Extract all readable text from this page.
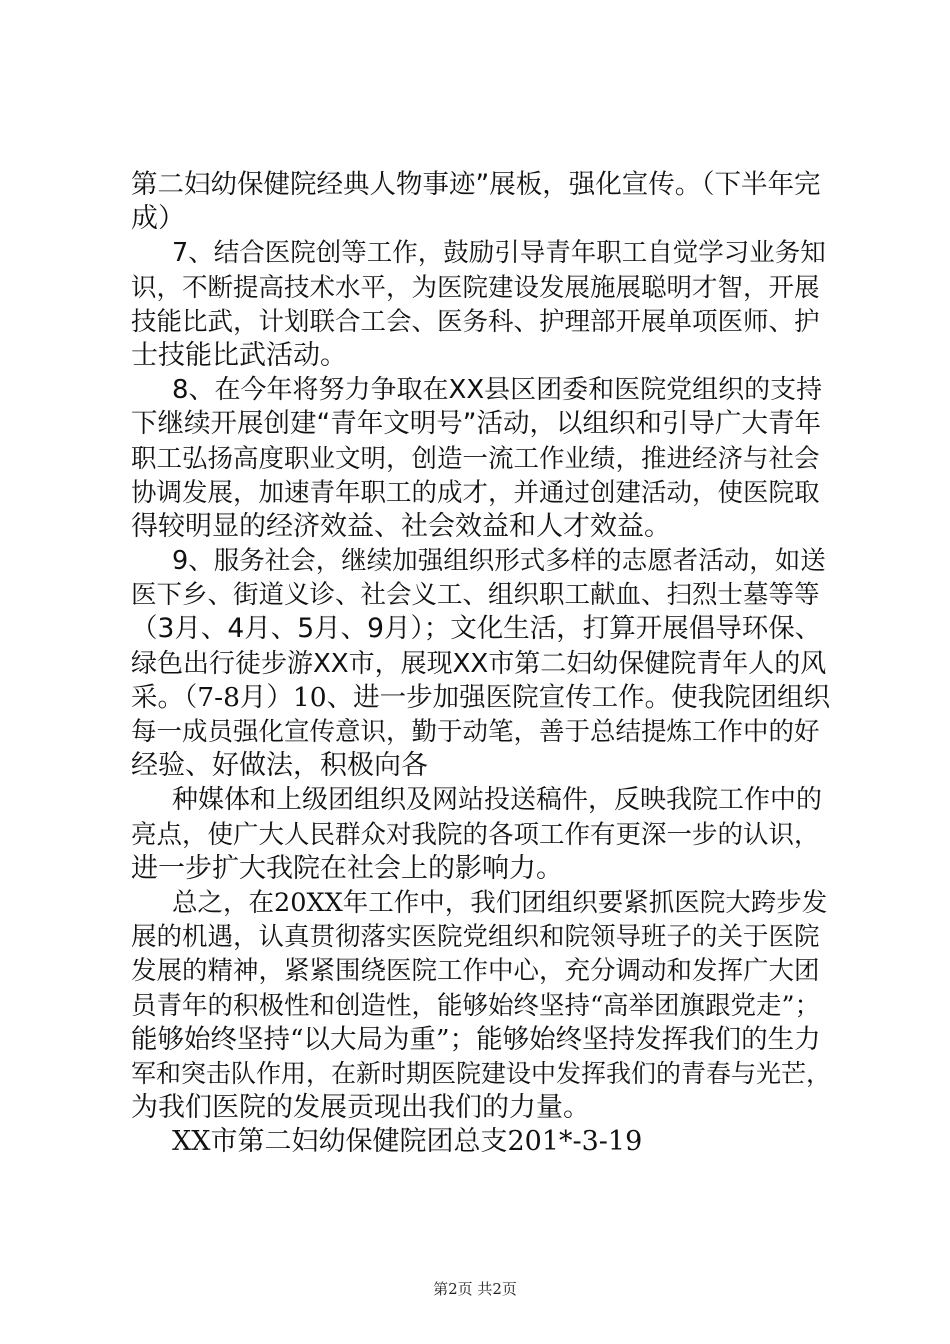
第二妇幼保健院经典人物事迹”展板，强化宣传。（下半年完
成）
7、结合医院创等工作，鼓励引导青年职工自觉学习业务知
识，不断提高技术水平，为医院建设发展施展聪明才智，开展
技能比武，计划联合工会、医务科、护理部开展单项医师、护
士技能比武活动。
8、在今年将努力争取在XX县区团委和医院党组织的支持
下继续开展创建“青年文明号”活动，以组织和引导广大青年
职工弘扬高度职业文明，创造一流工作业绩，推进经济与社会
协调发展，加速青年职工的成才，并通过创建活动，使医院取
得较明显的经济效益、社会效益和人才效益。
9、服务社会，继续加强组织形式多样的志愿者活动，如送
医下乡、街道义诊、社会义工、组织职工献血、扫烈士墓等等
（3月、4月、5月、9月）；文化生活，打算开展倡导环保、
绿色出行徒步游XX市，展现XX市第二妇幼保健院青年人的风
采。（7-8月）10、进一步加强医院宣传工作。使我院团组织
每一成员强化宣传意识，勤于动笔，善于总结提炼工作中的好
经验、好做法，积极向各
种媒体和上级团组织及网站投送稿件，反映我院工作中的
亮点，使广大人民群众对我院的各项工作有更深一步的认识，
进一步扩大我院在社会上的影响力。
总之，在20XX年工作中，我们团组织要紧抓医院大跨步发
展的机遇，认真贯彻落实医院党组织和院领导班子的关于医院
发展的精神，紧紧围绕医院工作中心，充分调动和发挥广大团
员青年的积极性和创造性，能够始终坚持“高举团旗跟党走”；
能够始终坚持“以大局为重”；能够始终坚持发挥我们的生力
军和突击队作用，在新时期医院建设中发挥我们的青春与光芒，
为我们医院的发展贡现出我们的力量。
XX市第二妇幼保健院团总支201*-3-19
第2页 共2页
